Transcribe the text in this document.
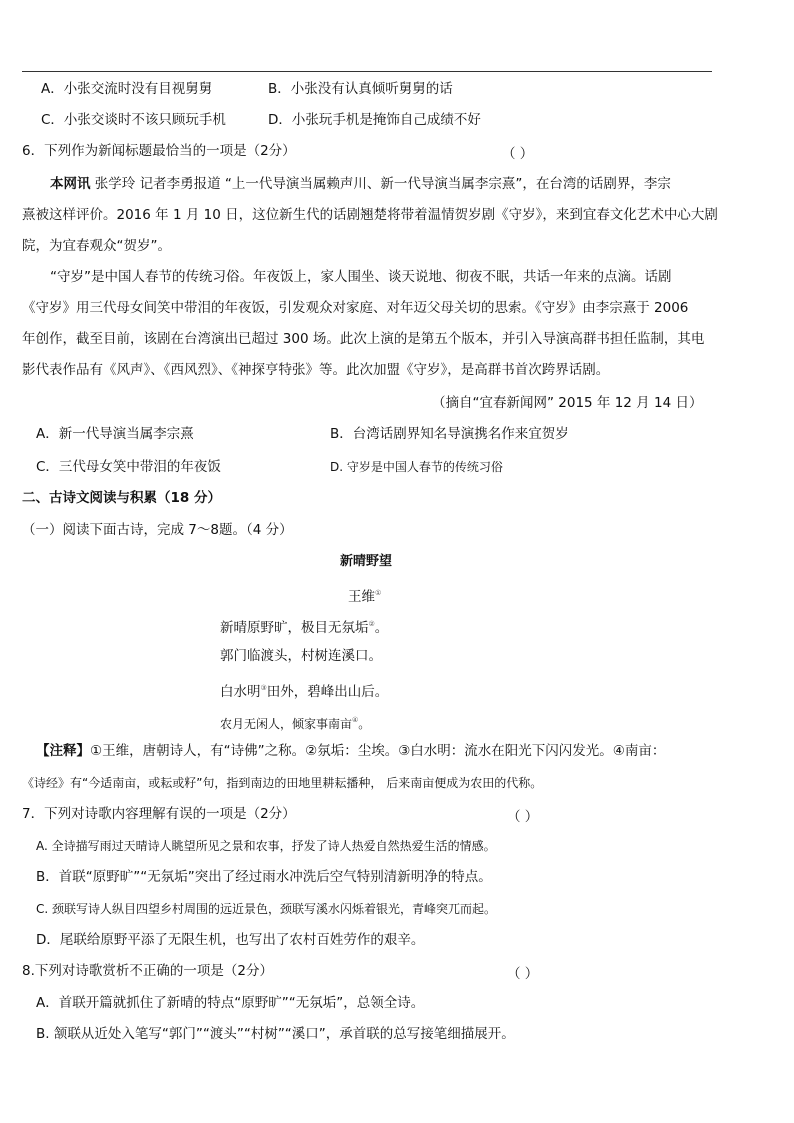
A．小张交流时没有目视舅舅	B．小张没有认真倾听舅舅的话
C．小张交谈时不该只顾玩手机	D．小张玩手机是掩饰自己成绩不好
6．下列作为新闻标题最恰当的一项是（2分）	（ ）
本网讯 张学玲 记者李勇报道 “上一代导演当属赖声川、新一代导演当属李宗熹”，在台湾的话剧界，李宗
熹被这样评价。2016 年 1 月 10 日，这位新生代的话剧翘楚将带着温情贺岁剧《守岁》，来到宜春文化艺术中心大剧
院，为宜春观众“贺岁”。
“守岁”是中国人春节的传统习俗。年夜饭上，家人围坐、谈天说地、彻夜不眠，共话一年来的点滴。话剧
《守岁》用三代母女间笑中带泪的年夜饭，引发观众对家庭、对年迈父母关切的思索。《守岁》由李宗熹于 2006
年创作，截至目前，该剧在台湾演出已超过 300 场。此次上演的是第五个版本，并引入导演高群书担任监制，其电
影代表作品有《风声》、《西风烈》、《神探亨特张》等。此次加盟《守岁》，是高群书首次跨界话剧。
（摘自“宜春新闻网” 2015 年 12 月 14 日）
A．新一代导演当属李宗熹	B．台湾话剧界知名导演携名作来宜贺岁
C．三代母女笑中带泪的年夜饭	D. 守岁是中国人春节的传统习俗
二、古诗文阅读与积累（18 分）
（一）阅读下面古诗，完成 7～8题。（4 分）
新晴野望
王维①
新晴原野旷，极目无氛垢②。
郭门临渡头，村树连溪口。
白水明③田外，碧峰出山后。
农月无闲人，倾家事南亩④。
【注释】①王维，唐朝诗人，有“诗佛”之称。②氛垢：尘埃。③白水明：流水在阳光下闪闪发光。④南亩：
《诗经》有“今适南亩，或耘或籽”句，指到南边的田地里耕耘播种， 后来南亩便成为农田的代称。
7．下列对诗歌内容理解有误的一项是（2分）	（ ）
A. 全诗描写雨过天晴诗人眺望所见之景和农事，抒发了诗人热爱自然热爱生活的情感。
B．首联“原野旷”“无氛垢”突出了经过雨水冲洗后空气特别清新明净的特点。
C. 颈联写诗人纵目四望乡村周围的远近景色，颈联写溪水闪烁着银光，青峰突兀而起。
D．尾联给原野平添了无限生机，也写出了农村百姓劳作的艰辛。
8.下列对诗歌赏析不正确的一项是（2分）	（ ）
A．首联开篇就抓住了新晴的特点“原野旷”“无氛垢”，总领全诗。
B. 颔联从近处入笔写“郭门”“渡头”“村树”“溪口”，承首联的总写接笔细描展开。
